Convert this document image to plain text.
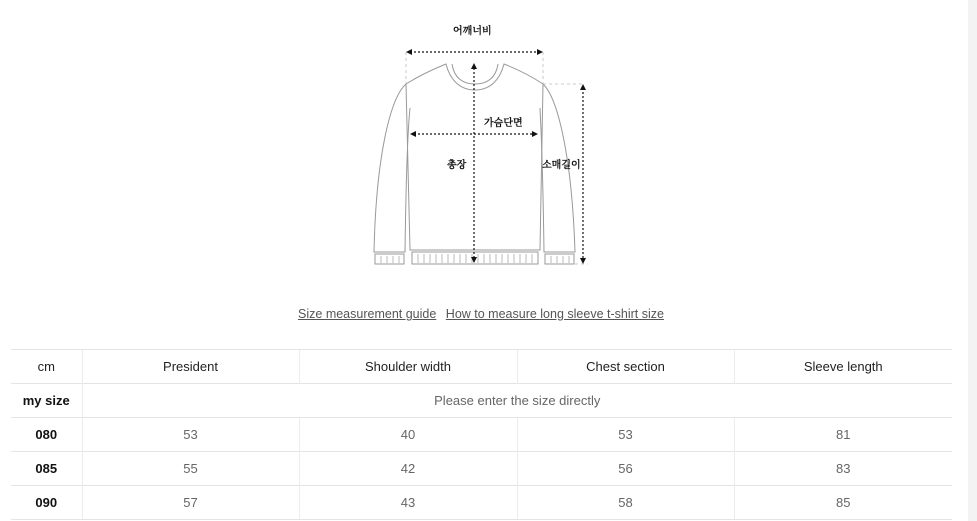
어깨너비
가슴단면
총장	소매길이
Size measurement guide How to measure long sleeve t-shirt size
cm	President	Shoulder width	Chest section	Sleeve length
my size	Please enter the size directly			
080	53	40	53	81
085	55	42	56	83
090	57	43	58	85
